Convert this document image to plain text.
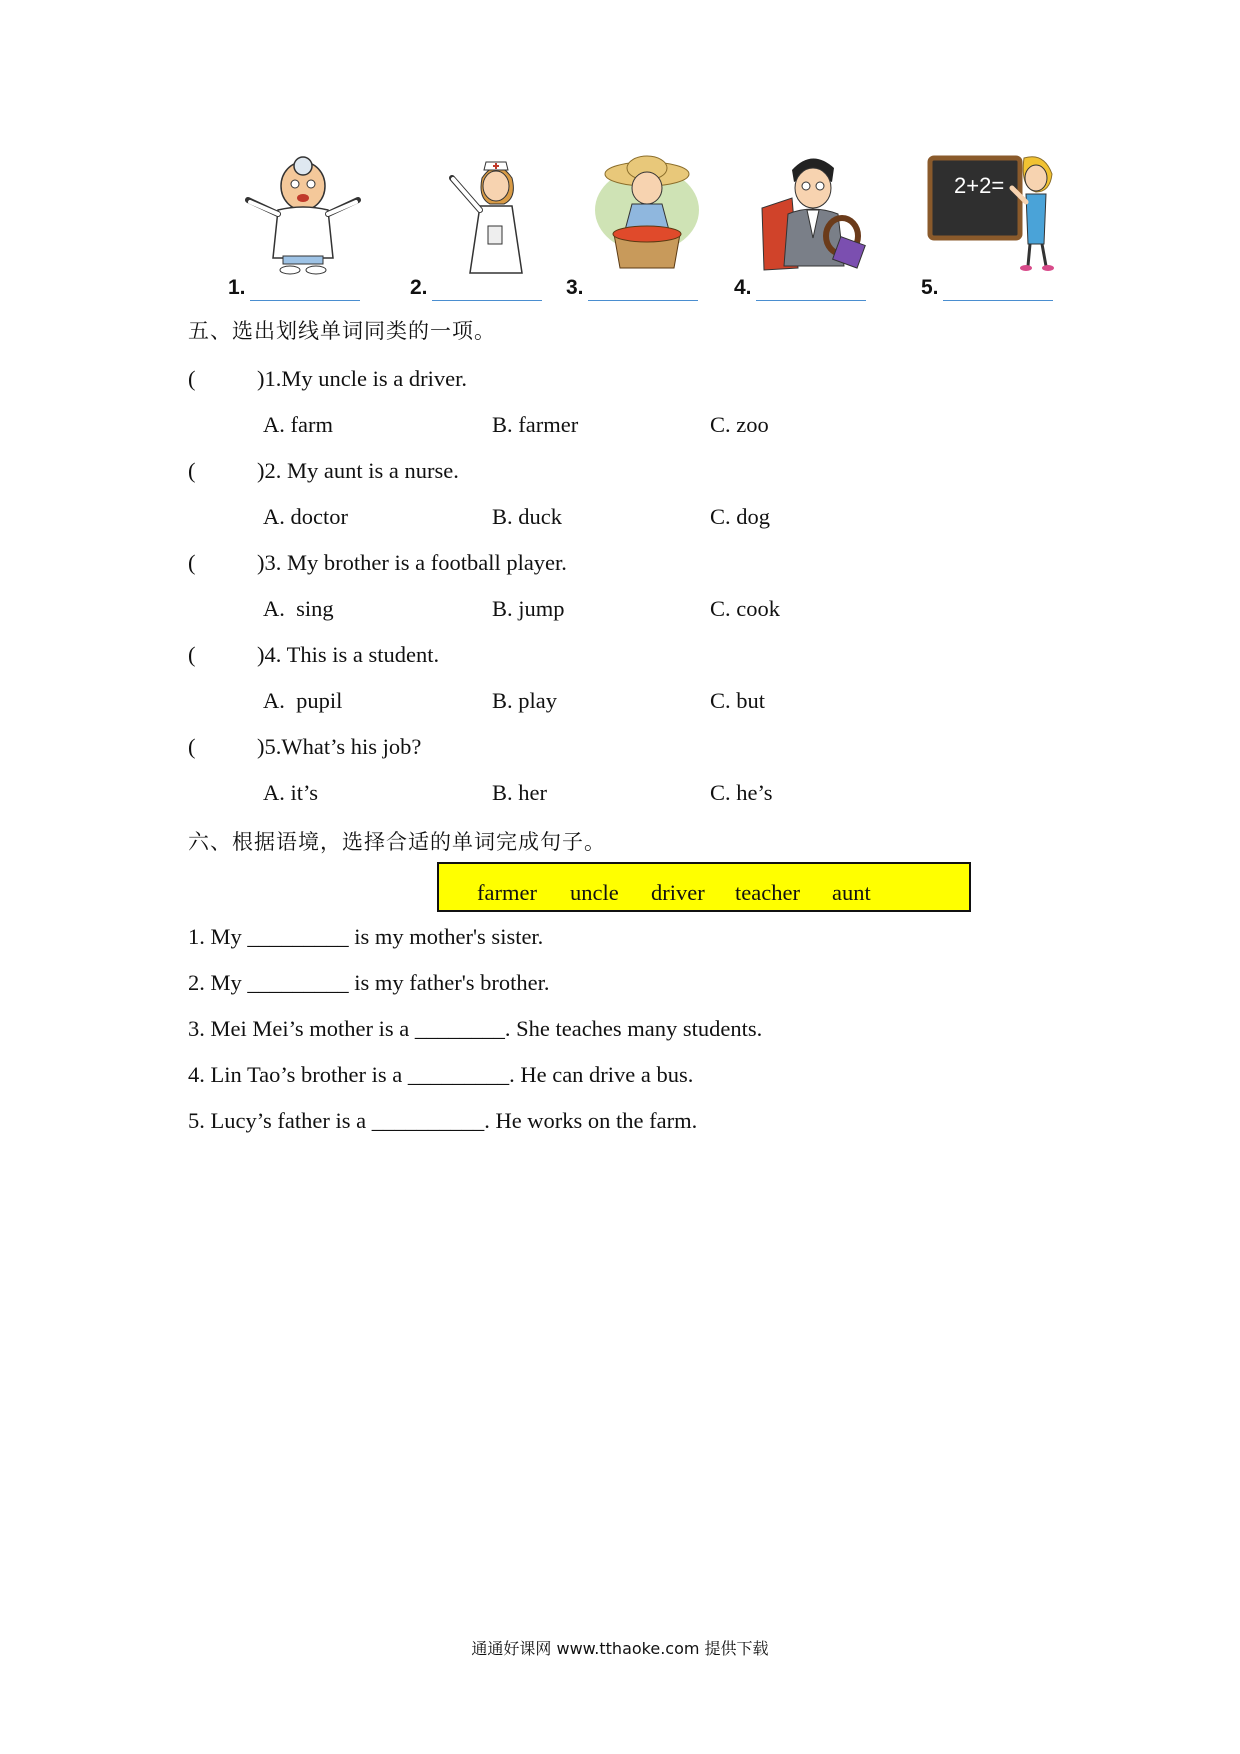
1.	2.	3.	4.
2+2=
5.
五、选出划线单词同类的一项。
(	)1.My uncle is a driver.
A. farm	B. farmer	C. zoo
(	)2. My aunt is a nurse.
A. doctor	B. duck	C. dog
(	)3. My brother is a football player.
A.  sing	B. jump	C. cook
(	)4. This is a student.
A.  pupil	B. play	C. but
(	)5.What’s his job?
A. it’s	B. her	C. he’s
六、根据语境，选择合适的单词完成句子。
farmer uncle driver teacher aunt
1. My _________ is my mother's sister.
2. My _________ is my father's brother.
3. Mei Mei’s mother is a ________. She teaches many students.
4. Lin Tao’s brother is a _________. He can drive a bus.
5. Lucy’s father is a __________. He works on the farm.
通通好课网 www.tthaoke.com 提供下载
